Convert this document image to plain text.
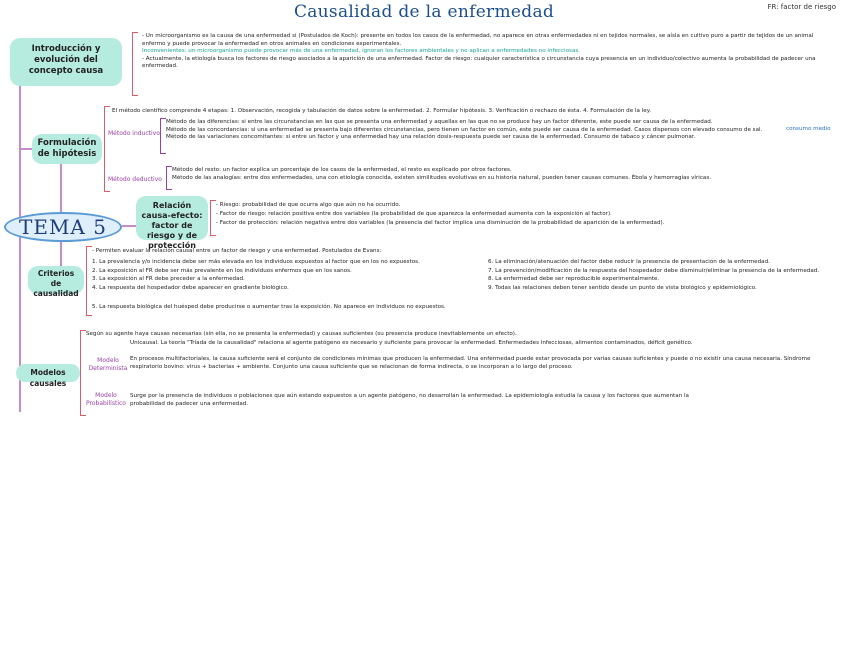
Causalidad de la enfermedad	FR: factor de riesgo
TEMA 5
Introducción y evolución del concepto causa
Formulación de hipótesis
Relación causa-efecto: factor de riesgo y de protección
Criterios de causalidad
Modelos causales

- Un microorganismo es la causa de una enfermedad si (Postulados de Koch): presente en todos los casos de la enfermedad, no aparece en otras enfermedades ni en tejidos normales, se aísla en cultivo puro a partir de tejidos de un animal enfermo y puede provocar la enfermedad en otros animales en condiciones experimentales.

Inconvenientes: un microorganismo puede provocar más de una enfermedad, ignoran los factores ambientales y no aplican a enfermedades no infecciosas.

- Actualmente, la etiología busca los factores de riesgo asociados a la aparición de una enfermedad. Factor de riesgo: cualquier característica o circunstancia cuya presencia en un individuo/colectivo aumenta la probabilidad de padecer una enfermedad.

El método científico comprende 4 etapas: 1. Observación, recogida y tabulación de datos sobre la enfermedad. 2. Formular hipótesis. 3. Verificación o rechazo de ésta. 4. Formulación de la ley.
Método inductivo

Método de las diferencias: si entre las circunstancias en las que se presenta una enfermedad y aquellas en las que no se produce hay un factor diferente, este puede ser causa de la enfermedad.

Método de las concordancias: si una enfermedad se presenta bajo diferentes circunstancias, pero tienen un factor en común, este puede ser causa de la enfermedad. Casos dispersos con elevado consumo de sal.

Método de las variaciones concomitantes: si entre un factor y una enfermedad hay una relación dosis-respuesta puede ser causa de la enfermedad. Consumo de tabaco y cáncer pulmonar.

consumo medio
Método deductivo

Método del resto: un factor explica un porcentaje de los casos de la enfermedad, el resto es explicado por otros factores.

Método de las analogías: entre dos enfermedades, una con etiología conocida, existen similitudes evolutivas en su historia natural, pueden tener causas comunes. Ébola y hemorragias víricas.

- Riesgo: probabilidad de que ocurra algo que aún no ha ocurrido.

- Factor de riesgo: relación positiva entre dos variables (la probabilidad de que aparezca la enfermedad aumenta con la exposición al factor).

- Factor de protección: relación negativa entre dos variables (la presencia del factor implica una disminución de la probabilidad de aparición de la enfermedad).

- Permiten evaluar la relación causal entre un factor de riesgo y una enfermedad. Postulados de Evans:

1. La prevalencia y/o incidencia debe ser más elevada en los individuos expuestos al factor que en los no expuestos.

2. La exposición al FR debe ser más prevalente en los individuos enfermos que en los sanos.

3. La exposición al FR debe preceder a la enfermedad.

4. La respuesta del hospedador debe aparecer en gradiente biológico.

5. La respuesta biológica del huésped debe producirse o aumentar tras la exposición. No aparece en individuos no expuestos.

6. La eliminación/atenuación del factor debe reducir la presencia de presentación de la enfermedad.

7. La prevención/modificación de la respuesta del hospedador debe disminuir/eliminar la presencia de la enfermedad.

8. La enfermedad debe ser reproducible experimentalmente.

9. Todas las relaciones deben tener sentido desde un punto de vista biológico y epidemiológico.

Según su agente haya causas necesarias (sin ella, no se presenta la enfermedad) y causas suficientes (su presencia produce inevitablemente un efecto).
Unicausal. La teoría "Tríada de la causalidad" relaciona al agente patógeno es necesario y suficiente para provocar la enfermedad. Enfermedades infecciosas, alimentos contaminados, déficit genético.
Modelo Determinista
En procesos multifactoriales, la causa suficiente será el conjunto de condiciones mínimas que producen la enfermedad. Una enfermedad puede estar provocada por varias causas suficientes y puede o no existir una causa necesaria. Síndrome respiratorio bovino: virus + bacterias + ambiente. Conjunto una causa suficiente que se relacionan de forma indirecta, o se incorporan a lo largo del proceso.
Modelo Probabilístico
Surge por la presencia de individuos o poblaciones que aún estando expuestos a un agente patógeno, no desarrollan la enfermedad. La epidemiología estudia la causa y los factores que aumentan la probabilidad de padecer una enfermedad.
